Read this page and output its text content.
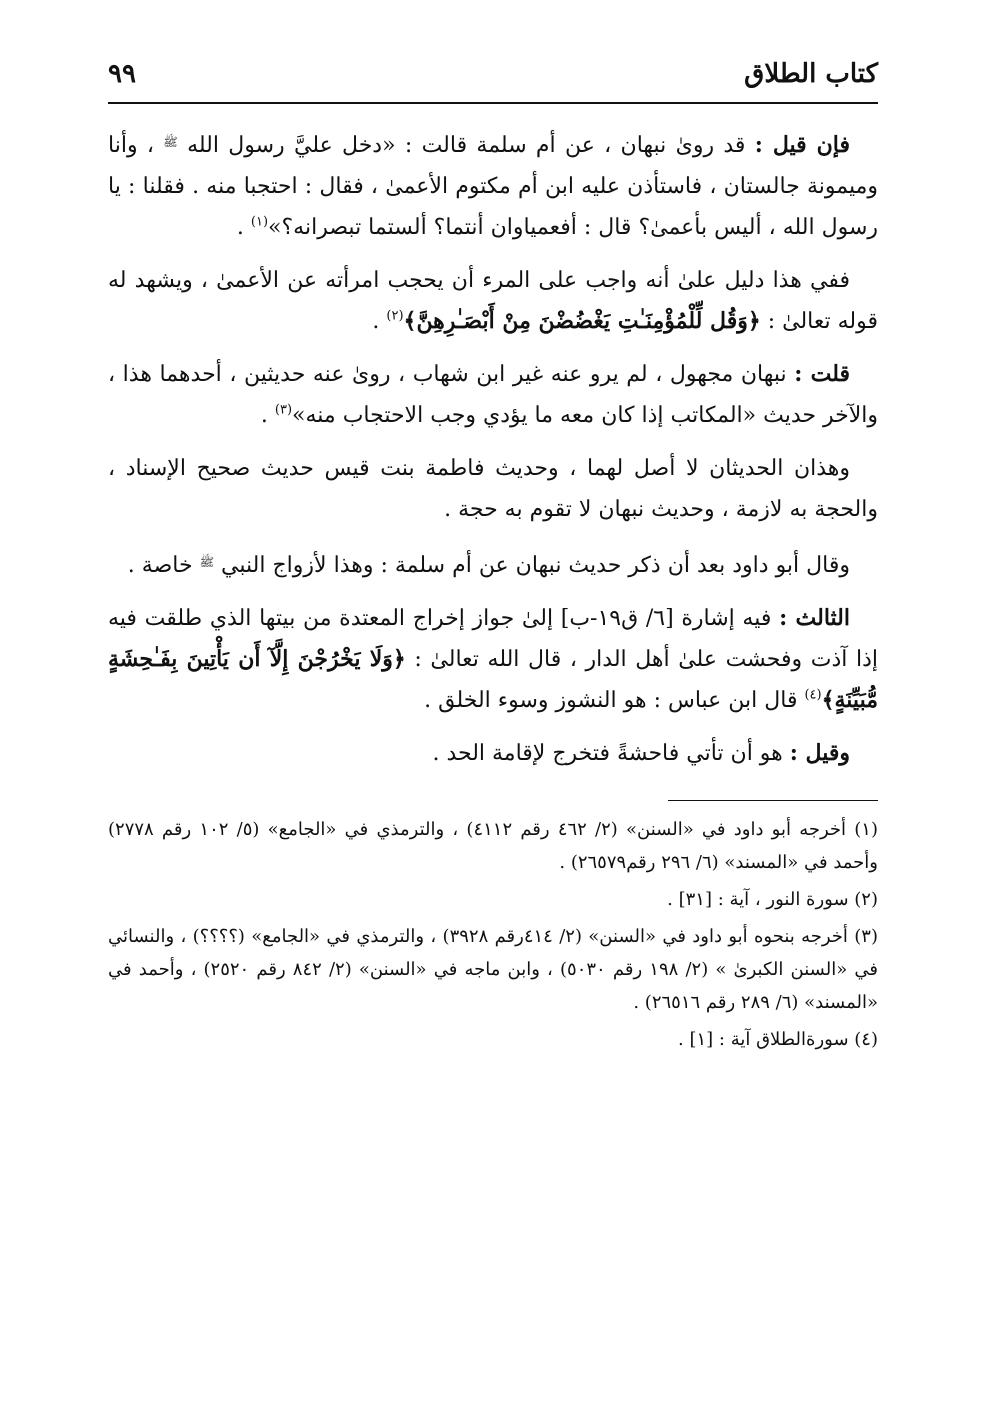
كتاب الطلاق
٩٩

فإن قيل : قد روىٰ نبهان ، عن أم سلمة قالت : «دخل عليَّ رسول الله $^ﷺ$ ، وأنا وميمونة جالستان ، فاستأذن عليه ابن أم مكتوم الأعمىٰ ، فقال : احتجبا منه . فقلنا : يا رسول الله ، أليس بأعمىٰ؟ قال : أفعمياوان أنتما؟ ألستما تبصرانه؟»$^{(١)}$ .

ففي هذا دليل علىٰ أنه واجب على المرء أن يحجب امرأته عن الأعمىٰ ، ويشهد له قوله تعالىٰ : ﴿وَقُل لِّلْمُؤْمِنَـٰتِ يَغْضُضْنَ مِنْ أَبْصَـٰرِهِنَّ﴾$^{(٢)}$ .

قلت : نبهان مجهول ، لم يرو عنه غير ابن شهاب ، روىٰ عنه حديثين ، أحدهما هذا ، والآخر حديث «المكاتب إذا كان معه ما يؤدي وجب الاحتجاب منه»$^{(٣)}$ .

وهذان الحديثان لا أصل لهما ، وحديث فاطمة بنت قيس حديث صحيح الإسناد ، والحجة به لازمة ، وحديث نبهان لا تقوم به حجة .

وقال أبو داود بعد أن ذكر حديث نبهان عن أم سلمة : وهذا لأزواج النبي $^ﷺ$ خاصة .

الثالث : فيه إشارة [٦/ ق١٩-ب] إلىٰ جواز إخراج المعتدة من بيتها الذي طلقت فيه إذا آذت وفحشت علىٰ أهل الدار ، قال الله تعالىٰ : ﴿وَلَا يَخْرُجْنَ إِلَّآ أَن يَأْتِينَ بِفَـٰحِشَةٍ مُّبَيِّنَةٍ﴾$^{(٤)}$ قال ابن عباس : هو النشوز وسوء الخلق .

وقيل : هو أن تأتي فاحشةً فتخرج لإقامة الحد .

(١) أخرجه أبو داود في «السنن» (٢/ ٤٦٢ رقم ٤١١٢) ، والترمذي في «الجامع» (٥/ ١٠٢ رقم ٢٧٧٨) وأحمد في «المسند» (٦/ ٢٩٦ رقم٢٦٥٧٩) .

(٢) سورة النور ، آية : [٣١] .

(٣) أخرجه بنحوه أبو داود في «السنن» (٢/ ٤١٤رقم ٣٩٢٨) ، والترمذي في «الجامع» (؟؟؟؟) ، والنسائي في «السنن الكبرىٰ » (٢/ ١٩٨ رقم ٥٠٣٠) ، وابن ماجه في «السنن» (٢/ ٨٤٢ رقم ٢٥٢٠) ، وأحمد في «المسند» (٦/ ٢٨٩ رقم ٢٦٥١٦) .

(٤) سورةالطلاق آية : [١] .
